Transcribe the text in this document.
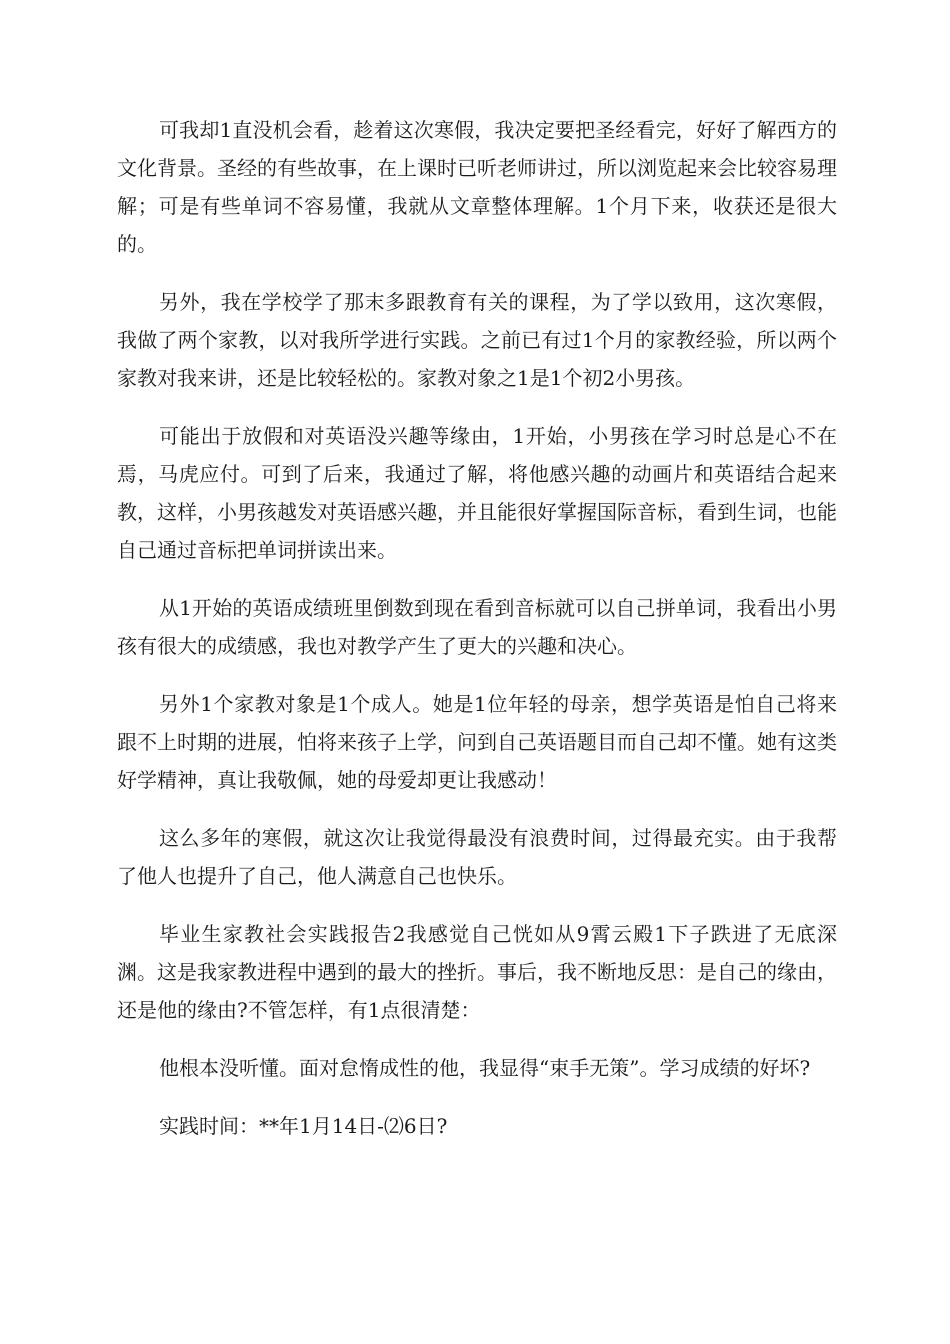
可我却1直没机会看，趁着这次寒假，我决定要把圣经看完，好好了解西方的文化背景。圣经的有些故事，在上课时已听老师讲过，所以浏览起来会比较容易理解；可是有些单词不容易懂，我就从文章整体理解。1个月下来，收获还是很大的。

另外，我在学校学了那末多跟教育有关的课程，为了学以致用，这次寒假，我做了两个家教，以对我所学进行实践。之前已有过1个月的家教经验，所以两个家教对我来讲，还是比较轻松的。家教对象之1是1个初2小男孩。

可能出于放假和对英语没兴趣等缘由，1开始，小男孩在学习时总是心不在焉，马虎应付。可到了后来，我通过了解，将他感兴趣的动画片和英语结合起来教，这样，小男孩越发对英语感兴趣，并且能很好掌握国际音标，看到生词，也能自己通过音标把单词拼读出来。

从1开始的英语成绩班里倒数到现在看到音标就可以自己拼单词，我看出小男孩有很大的成绩感，我也对教学产生了更大的兴趣和决心。

另外1个家教对象是1个成人。她是1位年轻的母亲，想学英语是怕自己将来跟不上时期的进展，怕将来孩子上学，问到自己英语题目而自己却不懂。她有这类好学精神，真让我敬佩，她的母爱却更让我感动！

这么多年的寒假，就这次让我觉得最没有浪费时间，过得最充实。由于我帮了他人也提升了自己，他人满意自己也快乐。

毕业生家教社会实践报告2我感觉自己恍如从9霄云殿1下子跌进了无底深渊。这是我家教进程中遇到的最大的挫折。事后，我不断地反思：是自己的缘由，还是他的缘由?不管怎样，有1点很清楚：

他根本没听懂。面对怠惰成性的他，我显得“束手无策”。学习成绩的好坏?

实践时间：**年1月14日-⑵6日?
